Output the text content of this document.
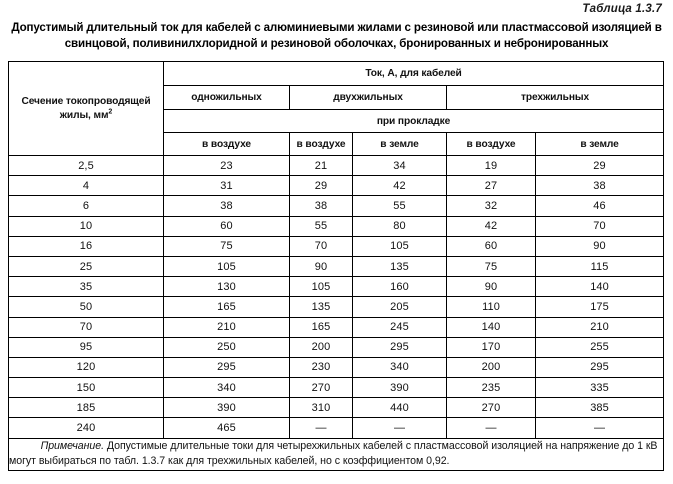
Таблица 1.3.7
Допустимый длительный ток для кабелей с алюминиевыми жилами с резиновой или пластмассовой изоляцией в свинцовой, поливинилхлоридной и резиновой оболочках, бронированных и небронированных
Сечение токопроводящей жилы, $мм^2$	Ток, А, для кабелей				
	одножильных	двухжильных		трехжильных	
	при прокладке				
	в воздухе	в воздухе	в земле	в воздухе	в земле
2,5	23	21	34	19	29
4	31	29	42	27	38
6	38	38	55	32	46
10	60	55	80	42	70
16	75	70	105	60	90
25	105	90	135	75	115
35	130	105	160	90	140
50	165	135	205	110	175
70	210	165	245	140	210
95	250	200	295	170	255
120	295	230	340	200	295
150	340	270	390	235	335
185	390	310	440	270	385
240	465	—	—	—	—
Примечание. Допустимые длительные токи для четырехжильных кабелей с пластмассовой изоляцией на напряжение до 1 кВ могут выбираться по табл. 1.3.7 как для трехжильных кабелей, но с коэффициентом 0,92.					
